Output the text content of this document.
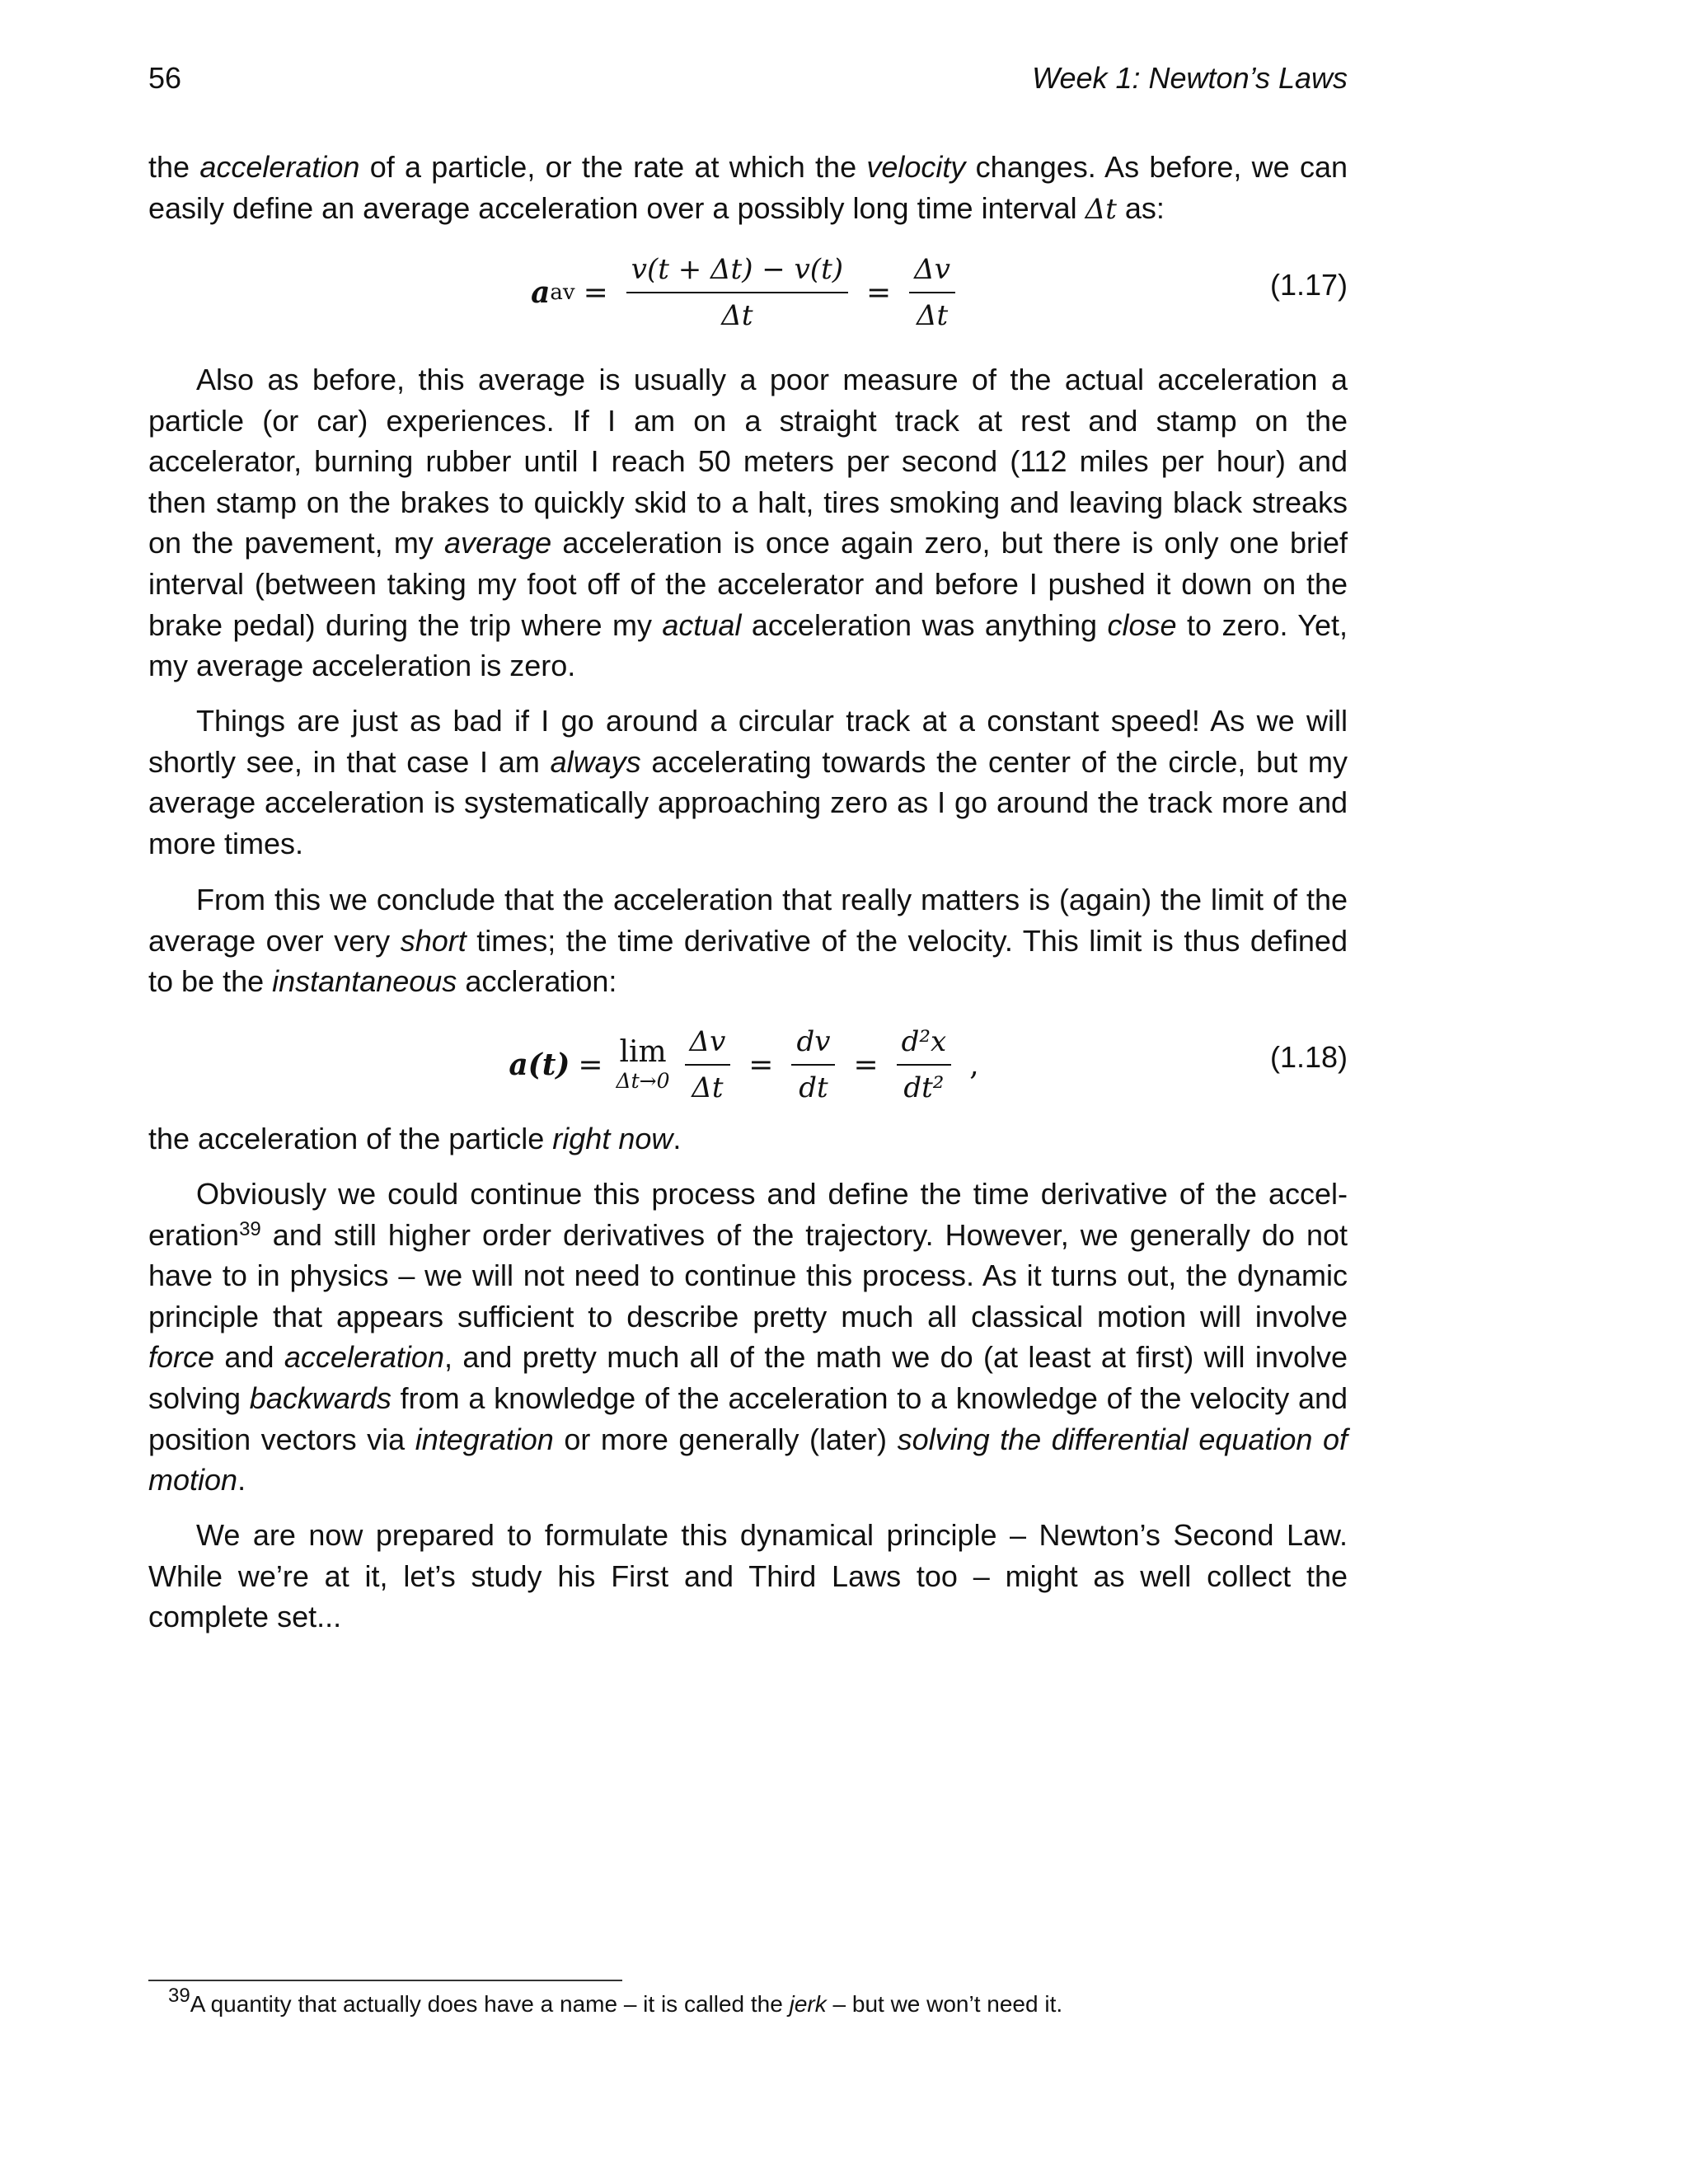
56	Week 1: Newton’s Laws

the acceleration of a particle, or the rate at which the velocity changes. As before, we can easily define an average acceleration over a possibly long time interval Δt as:

a av = $\frac{v(t + \Delta t) - v(t)}{\Delta t} = \frac{\Delta v}{\Delta t}$	(1.17)

Also as before, this average is usually a poor measure of the actual acceleration a particle (or car) experiences. If I am on a straight track at rest and stamp on the accelerator, burning rubber until I reach 50 meters per second (112 miles per hour) and then stamp on the brakes to quickly skid to a halt, tires smoking and leaving black streaks on the pavement, my average acceleration is once again zero, but there is only one brief interval (between taking my foot off of the accelerator and before I pushed it down on the brake pedal) during the trip where my actual acceleration was anything close to zero. Yet, my average acceleration is zero.

Things are just as bad if I go around a circular track at a constant speed! As we will shortly see, in that case I am always accelerating towards the center of the circle, but my average acceleration is systematically approaching zero as I go around the track more and more times.

From this we conclude that the acceleration that really matters is (again) the limit of the average over very short times; the time derivative of the velocity. This limit is thus defined to be the instantaneous accleration:

a(t) = lim
$\Delta t\to 0 \frac{\Delta v}{\Delta t} = \frac{dv}{dt} = \frac{\text{d²x}}{\text{dt²}}$ ,	(1.18)

the acceleration of the particle right now.

Obviously we could continue this process and define the time derivative of the accel-eration$^{39}$ and still higher order derivatives of the trajectory. However, we generally do not have to in physics – we will not need to continue this process. As it turns out, the dynamic principle that appears sufficient to describe pretty much all classical motion will involve force and acceleration, and pretty much all of the math we do (at least at first) will involve solving backwards from a knowledge of the acceleration to a knowledge of the velocity and position vectors via integration or more generally (later) solving the differential equation of motion.

We are now prepared to formulate this dynamical principle – Newton’s Second Law. While we’re at it, let’s study his First and Third Laws too – might as well collect the complete set...

$^{39}$A quantity that actually does have a name – it is called the jerk – but we won’t need it.
